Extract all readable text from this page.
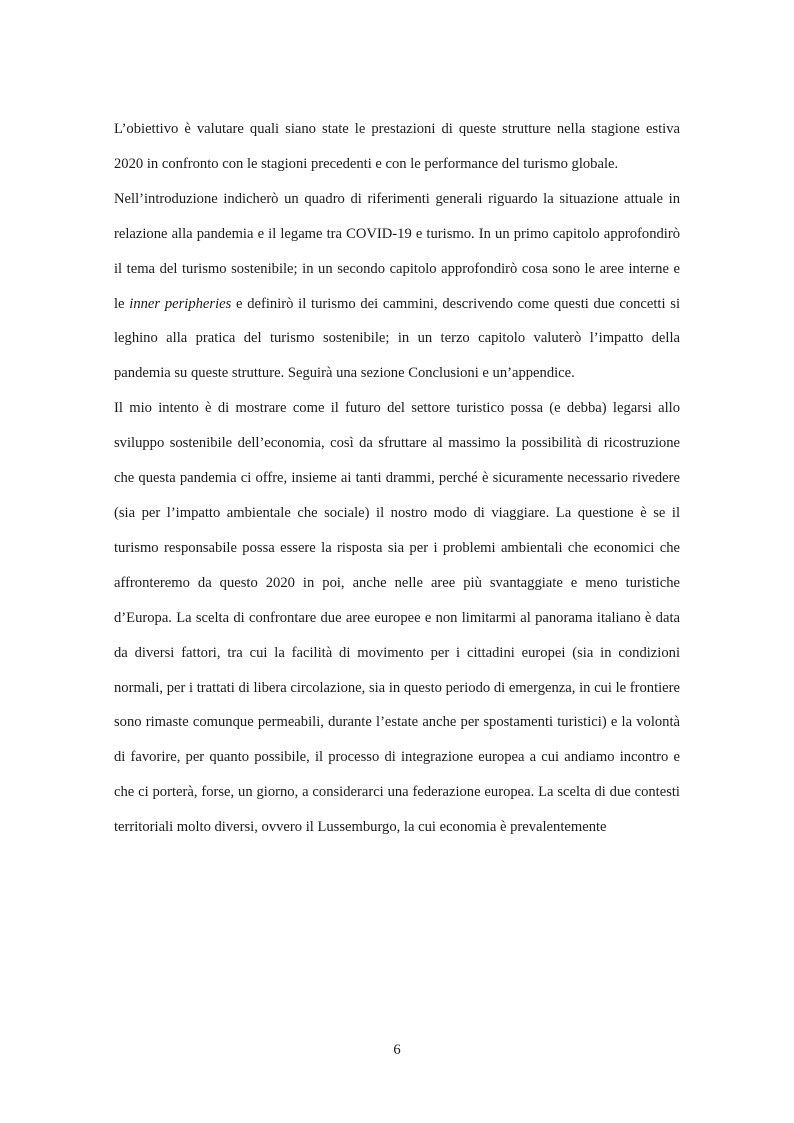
L’obiettivo è valutare quali siano state le prestazioni di queste strutture nella stagione estiva 2020 in confronto con le stagioni precedenti e con le performance del turismo globale.

Nell’introduzione indicherò un quadro di riferimenti generali riguardo la situazione attuale in relazione alla pandemia e il legame tra COVID-19 e turismo. In un primo capitolo approfondirò il tema del turismo sostenibile; in un secondo capitolo approfondirò cosa sono le aree interne e le inner peripheries e definirò il turismo dei cammini, descrivendo come questi due concetti si leghino alla pratica del turismo sostenibile; in un terzo capitolo valuterò l’impatto della pandemia su queste strutture. Seguirà una sezione Conclusioni e un’appendice.

Il mio intento è di mostrare come il futuro del settore turistico possa (e debba) legarsi allo sviluppo sostenibile dell’economia, così da sfruttare al massimo la possibilità di ricostruzione che questa pandemia ci offre, insieme ai tanti drammi, perché è sicuramente necessario rivedere (sia per l’impatto ambientale che sociale) il nostro modo di viaggiare. La questione è se il turismo responsabile possa essere la risposta sia per i problemi ambientali che economici che affronteremo da questo 2020 in poi, anche nelle aree più svantaggiate e meno turistiche d’Europa. La scelta di confrontare due aree europee e non limitarmi al panorama italiano è data da diversi fattori, tra cui la facilità di movimento per i cittadini europei (sia in condizioni normali, per i trattati di libera circolazione, sia in questo periodo di emergenza, in cui le frontiere sono rimaste comunque permeabili, durante l’estate anche per spostamenti turistici) e la volontà di favorire, per quanto possibile, il processo di integrazione europea a cui andiamo incontro e che ci porterà, forse, un giorno, a considerarci una federazione europea. La scelta di due contesti territoriali molto diversi, ovvero il Lussemburgo, la cui economia è prevalentemente

6
